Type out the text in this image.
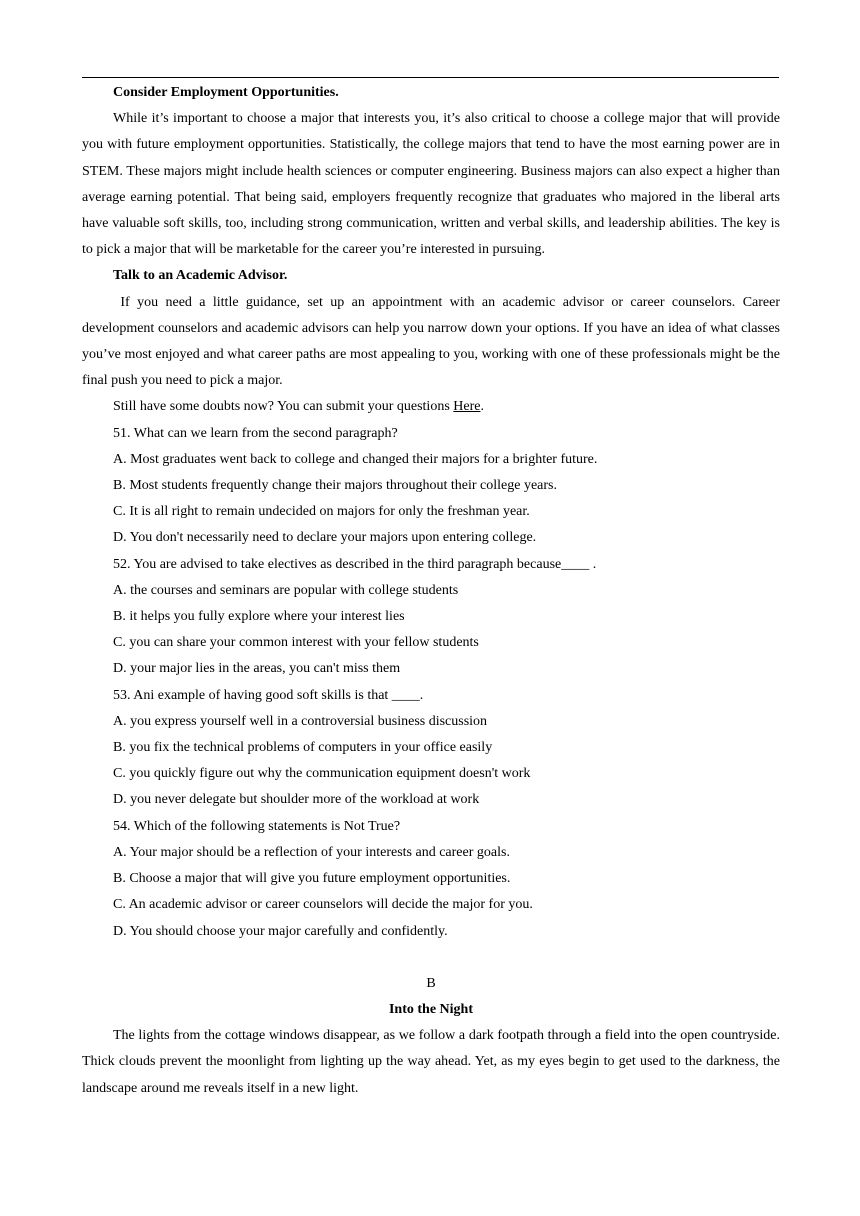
Consider Employment Opportunities.

While it’s important to choose a major that interests you, it’s also critical to choose a college major that will provide you with future employment opportunities. Statistically, the college majors that tend to have the most earning power are in STEM. These majors might include health sciences or computer engineering. Business majors can also expect a higher than average earning potential. That being said, employers frequently recognize that graduates who majored in the liberal arts have valuable soft skills, too, including strong communication, written and verbal skills, and leadership abilities. The key is to pick a major that will be marketable for the career you’re interested in pursuing.

Talk to an Academic Advisor.

If you need a little guidance, set up an appointment with an academic advisor or career counselors. Career development counselors and academic advisors can help you narrow down your options. If you have an idea of what classes you’ve most enjoyed and what career paths are most appealing to you, working with one of these professionals might be the final push you need to pick a major.

Still have some doubts now? You can submit your questions Here.

51. What can we learn from the second paragraph?

A. Most graduates went back to college and changed their majors for a brighter future.

B. Most students frequently change their majors throughout their college years.

C. It is all right to remain undecided on majors for only the freshman year.

D. You don't necessarily need to declare your majors upon entering college.

52. You are advised to take electives as described in the third paragraph because____ .

A. the courses and seminars are popular with college students

B. it helps you fully explore where your interest lies

C. you can share your common interest with your fellow students

D. your major lies in the areas, you can't miss them

53. Ani example of having good soft skills is that ____.

A. you express yourself well in a controversial business discussion

B. you fix the technical problems of computers in your office easily

C. you quickly figure out why the communication equipment doesn't work

D. you never delegate but shoulder more of the workload at work

54. Which of the following statements is Not True?

A. Your major should be a reflection of your interests and career goals.

B. Choose a major that will give you future employment opportunities.

C. An academic advisor or career counselors will decide the major for you.

D. You should choose your major carefully and confidently.

B

Into the Night

The lights from the cottage windows disappear, as we follow a dark footpath through a field into the open countryside. Thick clouds prevent the moonlight from lighting up the way ahead. Yet, as my eyes begin to get used to the darkness, the landscape around me reveals itself in a new light.
